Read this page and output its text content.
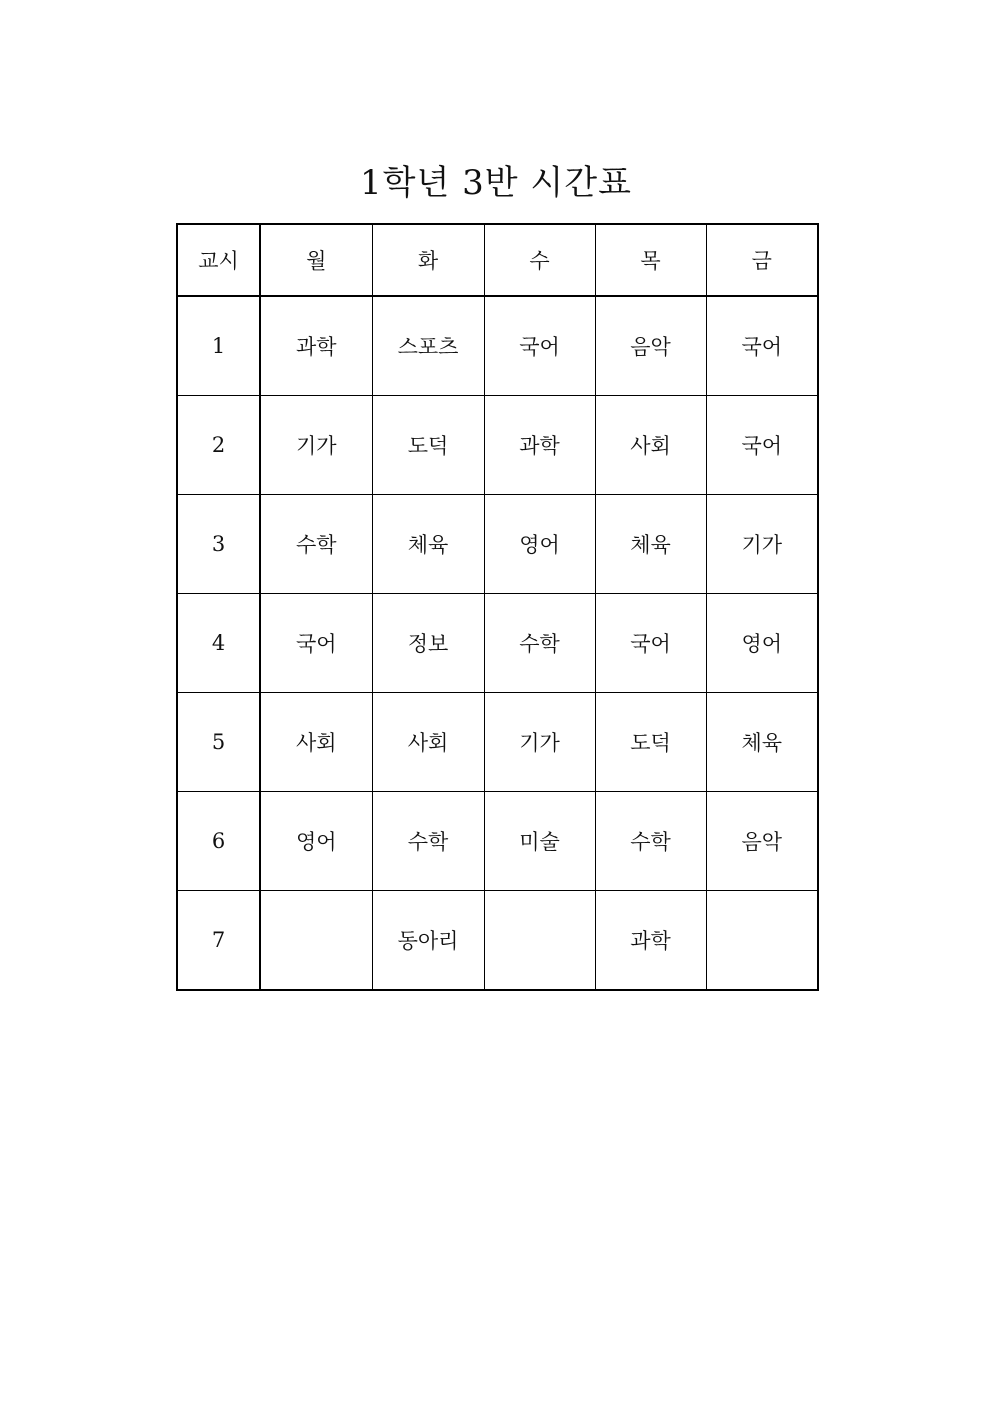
1학년 3반 시간표
교시	월	화	수	목	금
1	과학	스포츠	국어	음악	국어
2	기가	도덕	과학	사회	국어
3	수학	체육	영어	체육	기가
4	국어	정보	수학	국어	영어
5	사회	사회	기가	도덕	체육
6	영어	수학	미술	수학	음악
7		동아리		과학	
